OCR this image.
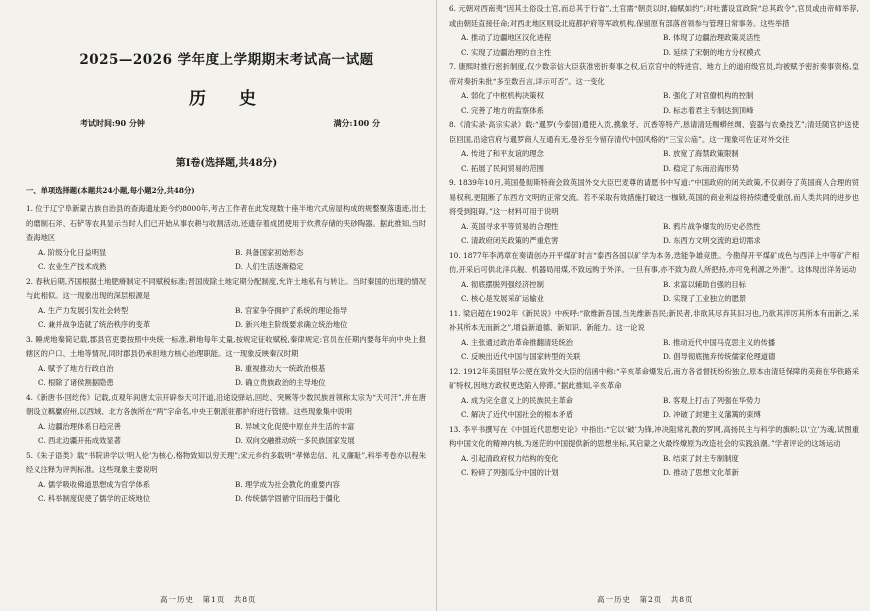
2025—2026 学年度上学期期末考试高一试题
历　史
考试时间:90 分钟	满分:100 分
第Ⅰ卷(选择题,共48分)
一、单项选择题(本题共24小题,每小题2分,共48分)

1. 位于辽宁阜新蒙古族自治县的查海遗址距今约8000年,考古工作者在此发现数十座半地穴式房屋构成的规整聚落遗迹,出土的磨制石斧、石铲等农具显示当时人们已开始从事农耕与收割活动,还遗存着成团使用于炊煮存储的夹砂陶器。据此推知,当时查海地区

A. 阶级分化日益明显	B. 具备国家初始形态
C. 农业生产技术成熟	D. 人们生活逐渐稳定

2. 春秋后期,齐国根据土地肥瘠制定不同赋税标准;晋国废除土地定期分配制度,允许土地私有与转让。当时秦国的出现的情况与此相似。这一现象出现的深层根源是

A. 生产力发展引发社会转型	B. 官家争夺拥护了系统的理论指导
C. 兼并战争造就了统治秩序的变革	D. 新兴地主阶级要求确立统治地位

3. 睡虎地秦简记载,郡县官吏要按照中央统一标准,耕地每年丈量,按规定征收赋税,秦律规定:官员在任期内要每年向中央上报辖区的户口、土地等情况,同时郡县仍承担地方核心治理职能。这一现象反映秦汉时期

A. 赋予了地方行政自治	B. 重视推动大一统政治根基
C. 根除了诸侯割据隐患	D. 确立贵族政治的主导地位

4.《新唐书·回纥传》记载,贞观年间唐太宗开辟参天可汗道,沿途设驿站,回纥、突厥等少数民族首领称太宗为“天可汗”,并在唐朝设立羁縻府州,以西域、北方各族所在“两”字命名,中央王朝派驻都护府进行管辖。这些现象集中说明

A. 边疆治理体系日趋完善	B. 异域文化促使中原在并生活的丰富
C. 西北边疆开拓成效显著	D. 双向交融推动统一多民族国家发展

5.《朱子语类》载“书院讲学以‘明人伦’为核心,格物致知以穷天理”;宋元乡约多载明“孝悌忠信、礼义廉耻”,科举考卷亦以程朱经义注释为评判标准。这些现象主要说明

A. 儒学吸收佛道思想成为官学体系	B. 理学成为社会教化的重要内容
C. 科举制度促使了儒学的正统地位	D. 传统儒学固循守旧而趋于僵化
高一历史　第1页　共8页

6. 元朝对西南夷“因其土俗设土官,而总其于行省”,土官需“朝贡以时,输赋如约”;对吐蕃设宣政院“总其政令”,官员或由帝师举荐,或由朝廷直接任命;对西北地区则设北庭都护府等军政机构,保留原有部落首领参与管理日常事务。这些举措

A. 推动了边疆地区汉化进程	B. 体现了边疆治理政策灵活性
C. 实现了边疆治理的自主性	D. 延续了宋朝的地方分权模式

7. 康熙时推行密折制度,仅少数亲信大臣获准密折奏事之权,后京官中的特进官、地方上的道府级官员,均被赋予密折奏事资格,皇帝对奏折朱批“多至数百言,详示可否”。这一变化

A. 弱化了中枢机构决策权	B. 强化了对官僚机构的控制
C. 完善了地方的监察体系	D. 标志着君主专制达到顶峰

8.《清实录·高宗实录》载:“暹罗(今泰国)遣使入贡,携象牙、沉香等特产,恳请清廷赐蟒丝绸、瓷器与农桑技艺”;清廷随官护送使臣回国,沿途官府与暹罗商人互通有无,曼谷至今留存清代中国风格的“三宝公庙”。这一现象可佐证对外交往

A. 传进了和平友谊的理念	B. 放宽了海禁政策限制
C. 拓展了民间贸易的范围	D. 稳定了东南沿海形势

9. 1839年10月,英国曼彻斯特商会致英国外交大臣巴麦尊的请愿书中写道:“中国政府的闭关政策,不仅剥夺了英国商人合理的贸易权利,更阻断了东西方文明的正常交流。若不采取有效措施打破这一枷锁,英国的商业利益将持续遭受重创,而人类共同的进步也将受到阻碍。”这一材料可用于说明

A. 英国寻求平等贸易的合理性	B. 鸦片战争爆发的历史必然性
C. 清政府闭关政策的严重危害	D. 东西方文明交流的迫切需求

10. 1877年李鸿章在奏请创办开平煤矿时言“泰西各国以矿学为本务,迭能争雄竞胜。今勘得开平煤矿成色与西洋上中等矿产相仿,开采后可供北洋兵舰、机器局用煤,不致远购于外洋。一旦有事,亦不致为敌人所把持,亦可免利源之外泄”。这体现出洋务运动

A. 彻底摆脱列强经济控制	B. 求富以辅助自强的目标
C. 核心是发展采矿运输业	D. 实现了工业独立的愿景

11. 梁启超在1902年《新民说》中疾呼:“欲维新吾国,当先维新吾民;新民者,非欲其尽弃其旧习也,乃欲其淬厉其所本有而新之,采补其所本无而新之”,增益新道德、新知识、新能力。这一论说

A. 主张通过政治革命推翻清廷统治	B. 推动近代中国马克思主义的传播
C. 反映出近代中国与国家转型的关联	D. 倡导彻底抛弃传统儒家伦理道德

12. 1912年美国驻华公使在致外交大臣的信函中称:“辛亥革命爆发后,南方各省督抚纷纷独立,原本由清廷保障的美商在华铁路采矿特权,因地方政权更迭陷入停滞。”据此推知,辛亥革命

A. 成为完全意义上的民族民主革命	B. 客观上打击了列强在华势力
C. 解决了近代中国社会的根本矛盾	D. 冲破了封建主义藩篱的束缚

13. 李平书撰写在《中国近代思想史论》中指出:“它以‘破’为锋,冲决阻常礼教的罗网,高扬民主与科学的旗帜;以‘立’为魂,试图重构中国文化的精神内核,为迷茫的中国提供新的思想坐标,其启蒙之火最终燎原为改造社会的实践浪潮。”学者评论的这场运动

A. 引起清政府权力结构的变化	B. 结束了封主专制制度
C. 粉碎了列强瓜分中国的计划	D. 推动了思想文化革新
高一历史　第2页　共8页
